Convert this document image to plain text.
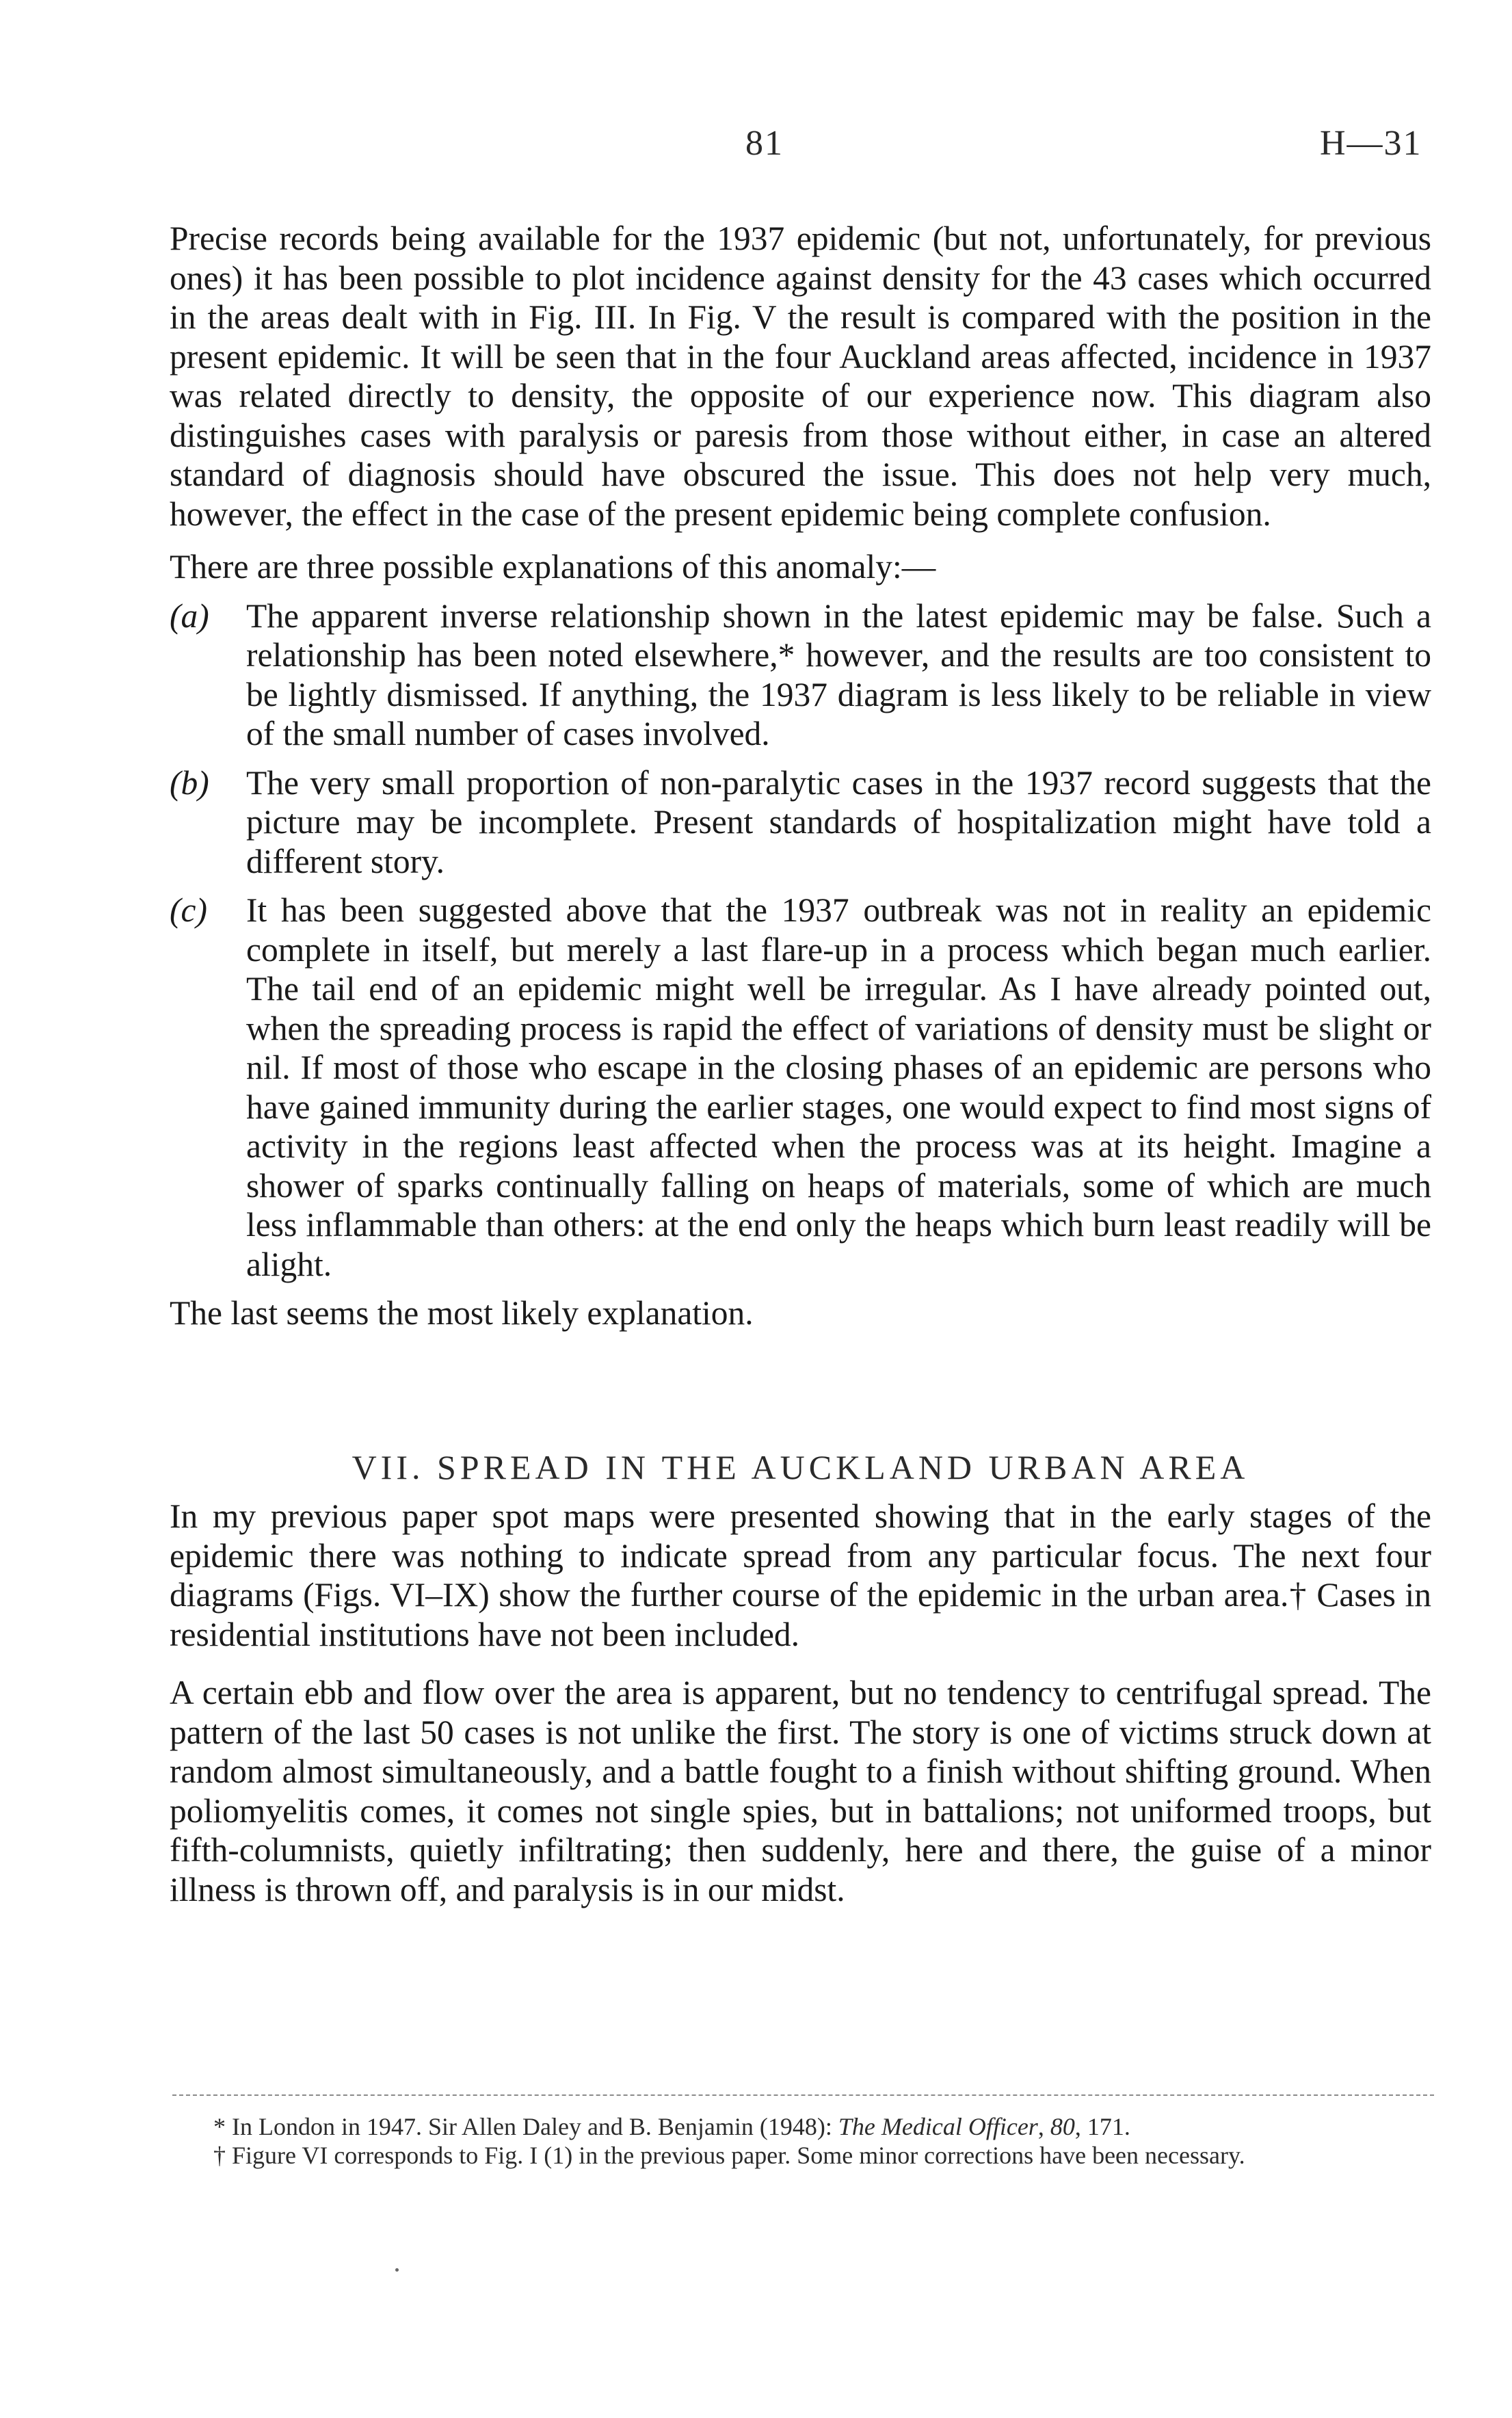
81	H—31

Precise records being available for the 1937 epidemic (but not, unfortunately, for previous ones) it has been possible to plot incidence against density for the 43 cases which occurred in the areas dealt with in Fig. III. In Fig. V the result is compared with the position in the present epidemic. It will be seen that in the four Auckland areas affected, incidence in 1937 was related directly to density, the opposite of our experience now. This diagram also distinguishes cases with paralysis or paresis from those without either, in case an altered standard of diagnosis should have obscured the issue. This does not help very much, however, the effect in the case of the present epidemic being complete confusion.

There are three possible explanations of this anomaly:—

(a)	The apparent inverse relationship shown in the latest epidemic may be false. Such a relationship has been noted elsewhere,* however, and the results are too consistent to be lightly dismissed. If anything, the 1937 diagram is less likely to be reliable in view of the small number of cases involved.
(b)	The very small proportion of non-paralytic cases in the 1937 record suggests that the picture may be incomplete. Present standards of hospitalization might have told a different story.
(c)	It has been suggested above that the 1937 outbreak was not in reality an epidemic complete in itself, but merely a last flare-up in a process which began much earlier. The tail end of an epidemic might well be irregular. As I have already pointed out, when the spreading process is rapid the effect of variations of density must be slight or nil. If most of those who escape in the closing phases of an epidemic are persons who have gained immunity during the earlier stages, one would expect to find most signs of activity in the regions least affected when the process was at its height. Imagine a shower of sparks continually falling on heaps of materials, some of which are much less inflammable than others: at the end only the heaps which burn least readily will be alight.

The last seems the most likely explanation.

VII. SPREAD IN THE AUCKLAND URBAN AREA

In my previous paper spot maps were presented showing that in the early stages of the epidemic there was nothing to indicate spread from any particular focus. The next four diagrams (Figs. VI–IX) show the further course of the epidemic in the urban area.† Cases in residential institutions have not been included.

A certain ebb and flow over the area is apparent, but no tendency to centrifugal spread. The pattern of the last 50 cases is not unlike the first. The story is one of victims struck down at random almost simultaneously, and a battle fought to a finish without shifting ground. When poliomyelitis comes, it comes not single spies, but in battalions; not uniformed troops, but fifth-columnists, quietly infiltrating; then suddenly, here and there, the guise of a minor illness is thrown off, and paralysis is in our midst.

* In London in 1947. Sir Allen Daley and B. Benjamin (1948): The Medical Officer, 80, 171.

† Figure VI corresponds to Fig. I (1) in the previous paper. Some minor corrections have been necessary.
